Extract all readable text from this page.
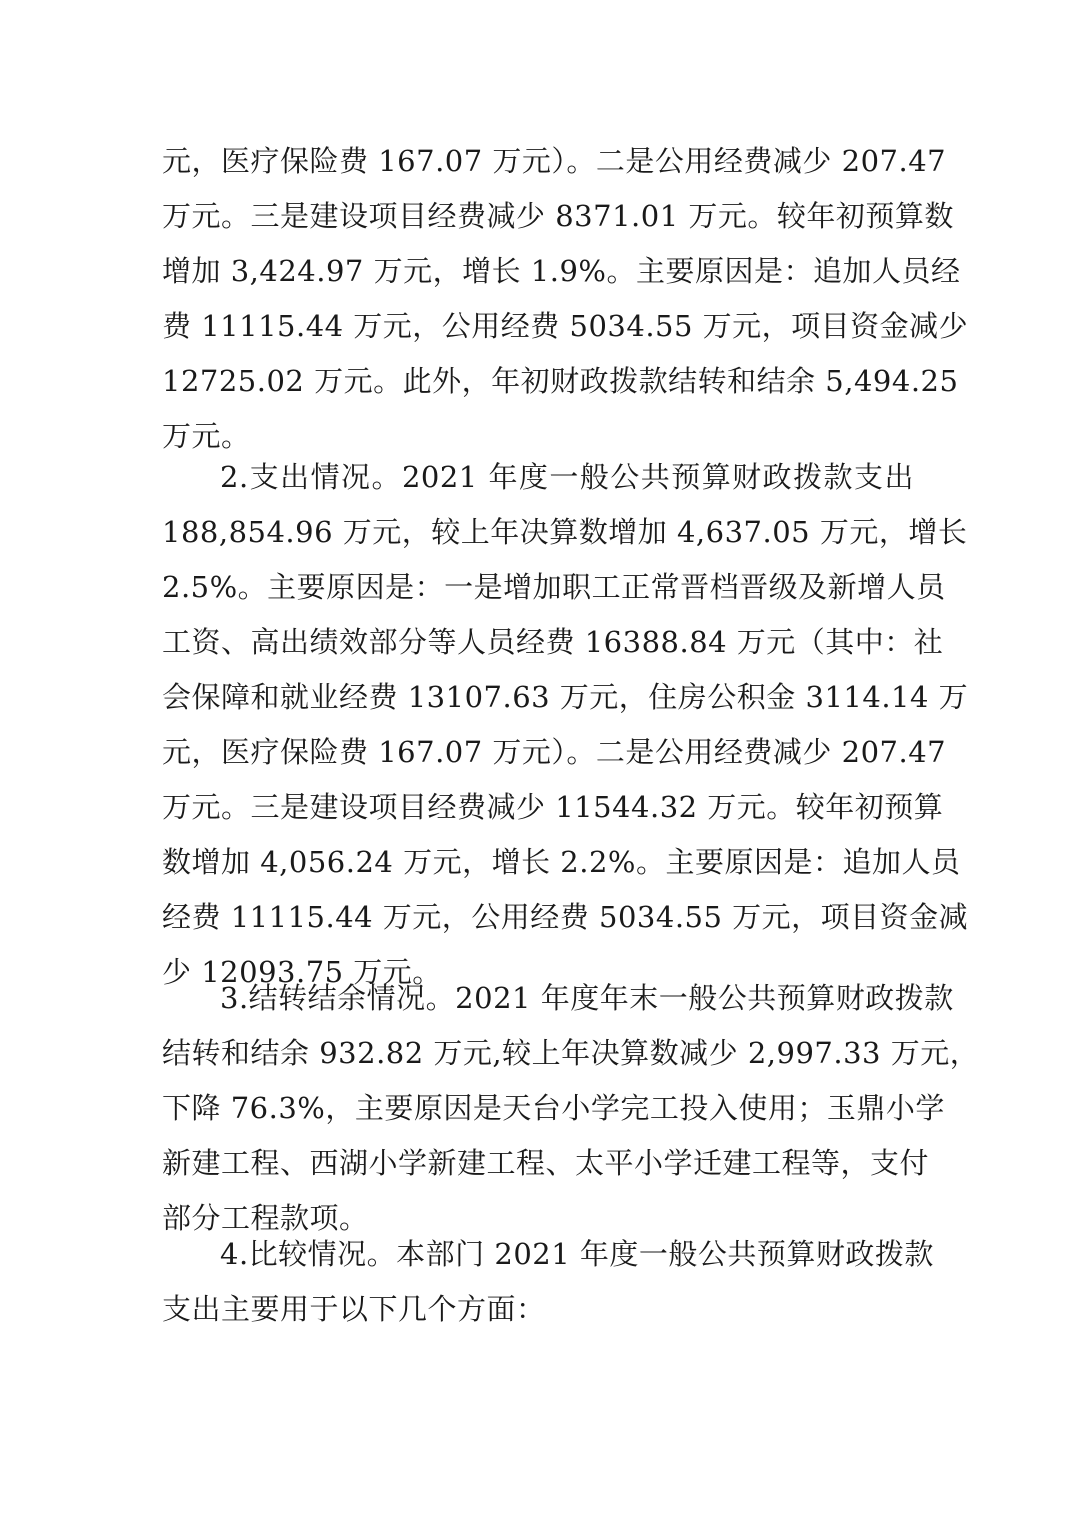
元，医疗保险费 167.07 万元）。二是公用经费减少 207.47
万元。三是建设项目经费减少 8371.01 万元。较年初预算数
增加 3,424.97 万元，增长 1.9%。主要原因是：追加人员经
费 11115.44 万元，公用经费 5034.55 万元，项目资金减少
12725.02 万元。此外，年初财政拨款结转和结余 5,494.25
万元。
2.支出情况。2021 年度一般公共预算财政拨款支出
188,854.96 万元，较上年决算数增加 4,637.05 万元，增长
2.5%。主要原因是：一是增加职工正常晋档晋级及新增人员
工资、高出绩效部分等人员经费 16388.84 万元（其中：社
会保障和就业经费 13107.63 万元，住房公积金 3114.14 万
元，医疗保险费 167.07 万元）。二是公用经费减少 207.47
万元。三是建设项目经费减少 11544.32 万元。较年初预算
数增加 4,056.24 万元，增长 2.2%。主要原因是：追加人员
经费 11115.44 万元，公用经费 5034.55 万元，项目资金减
少 12093.75 万元。
3.结转结余情况。2021 年度年末一般公共预算财政拨款
结转和结余 932.82 万元,较上年决算数减少 2,997.33 万元，
下降 76.3%，主要原因是天台小学完工投入使用；玉鼎小学
新建工程、西湖小学新建工程、太平小学迁建工程等，支付
部分工程款项。
4.比较情况。本部门 2021 年度一般公共预算财政拨款
支出主要用于以下几个方面：
